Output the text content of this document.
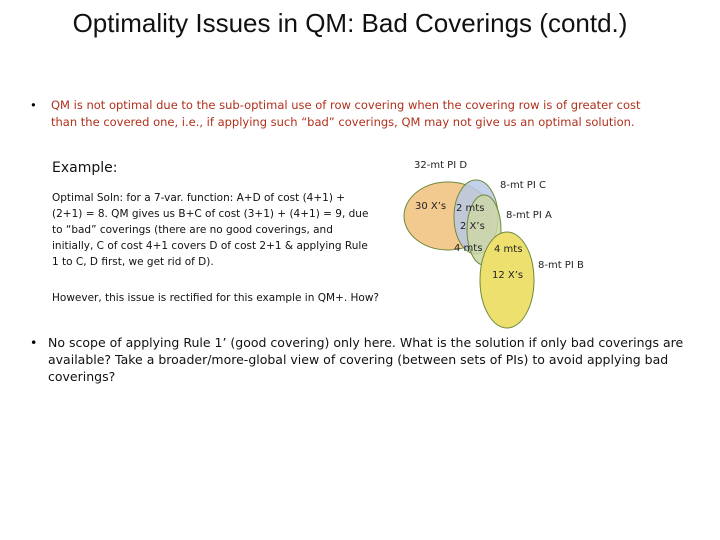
Optimality Issues in QM: Bad Coverings (contd.)
• QM is not optimal due to the sub-optimal use of row covering when the covering row is of greater cost than the covered one, i.e., if applying such “bad” coverings, QM may not give us an optimal solution.
Example:
Optimal Soln: for a 7-var. function: A+D of cost (4+1) + (2+1) = 8. QM gives us B+C of cost (3+1) + (4+1) = 9, due to “bad” coverings (there are no good coverings, and initially, C of cost 4+1 covers D of cost 2+1 & applying Rule 1 to C, D first, we get rid of D).
However, this issue is rectified for this example in QM+. How?
32-mt PI D
8-mt PI C
8-mt PI A
8-mt PI B
30 X’s 2 mts
2 X’s
4 mts 4 mts
12 X’s
• No scope of applying Rule 1’ (good covering) only here. What is the solution if only bad coverings are available? Take a broader/more-global view of covering (between sets of PIs) to avoid applying bad coverings?
